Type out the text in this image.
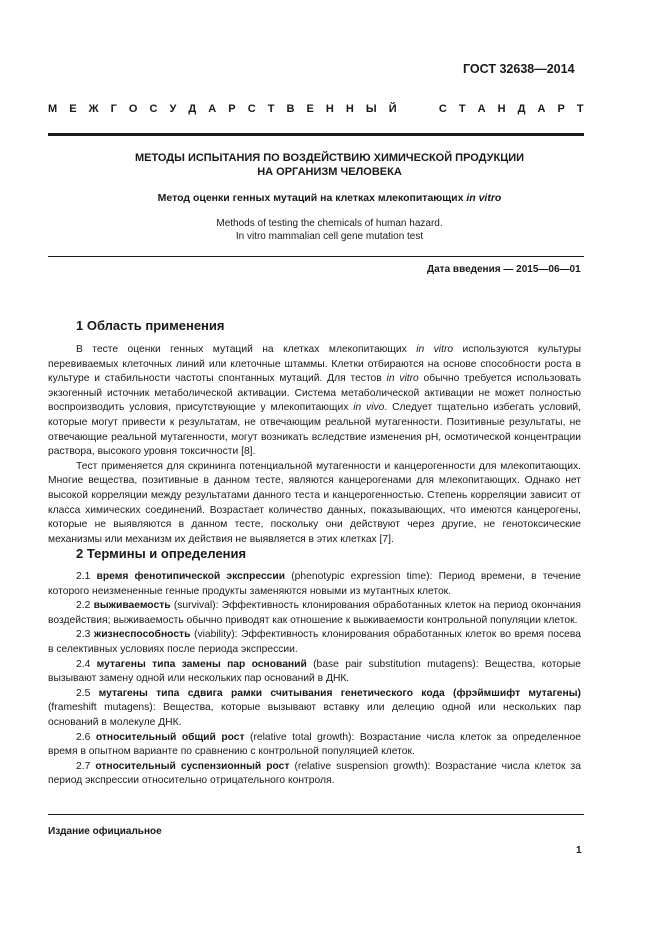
ГОСТ 32638—2014
М Е Ж Г О С У Д А Р С Т В Е Н Н Ы Й

	С Т А Н Д А Р Т
МЕТОДЫ ИСПЫТАНИЯ ПО ВОЗДЕЙСТВИЮ ХИМИЧЕСКОЙ ПРОДУКЦИИ
НА ОРГАНИЗМ ЧЕЛОВЕКА
Метод оценки генных мутаций на клетках млекопитающих in vitro
Methods of testing the chemicals of human hazard.
In vitro mammalian cell gene mutation test
Дата введения — 2015—06—01
1 Область применения

В тесте оценки генных мутаций на клетках млекопитающих in vitro используются культуры перевиваемых клеточных линий или клеточные штаммы. Клетки отбираются на основе способности роста в культуре и стабильности частоты спонтанных мутаций. Для тестов in vitro обычно требуется использовать экзогенный источник метаболической активации. Система метаболической активации не может полностью воспроизводить условия, присутствующие у млекопитающих in vivo. Следует тщательно избегать условий, которые могут привести к результатам, не отвечающим реальной мутагенности. Позитивные результаты, не отвечающие реальной мутагенности, могут возникать вследствие изменения pH, осмотической концентрации раствора, высокого уровня токсичности [8].

Тест применяется для скрининга потенциальной мутагенности и канцерогенности для млекопитающих. Многие вещества, позитивные в данном тесте, являются канцерогенами для млекопитающих. Однако нет высокой корреляции между результатами данного теста и канцерогенностью. Степень корреляции зависит от класса химических соединений. Возрастает количество данных, показывающих, что имеются канцерогены, которые не выявляются в данном тесте, поскольку они действуют через другие, не генотоксические механизмы или механизм их действия не выявляется в этих клетках [7].

2 Термины и определения

2.1 время фенотипической экспрессии (phenotypic expression time): Период времени, в течение которого неизмененные генные продукты заменяются новыми из мутантных клеток.

2.2 выживаемость (survival): Эффективность клонирования обработанных клеток на период окончания воздействия; выживаемость обычно приводят как отношение к выживаемости контрольной популяции клеток.

2.3 жизнеспособность (viability): Эффективность клонирования обработанных клеток во время посева в селективных условиях после периода экспрессии.

2.4 мутагены типа замены пар оснований (base pair substitution mutagens): Вещества, которые вызывают замену одной или нескольких пар оснований в ДНК.

2.5 мутагены типа сдвига рамки считывания генетического кода (фрэймшифт мутагены) (frameshift mutagens): Вещества, которые вызывают вставку или делецию одной или нескольких пар оснований в молекуле ДНК.

2.6 относительный общий рост (relative total growth): Возрастание числа клеток за определенное время в опытном варианте по сравнению с контрольной популяцией клеток.

2.7 относительный суспензионный рост (relative suspension growth): Возрастание числа клеток за период экспрессии относительно отрицательного контроля.

Издание официальное
1
